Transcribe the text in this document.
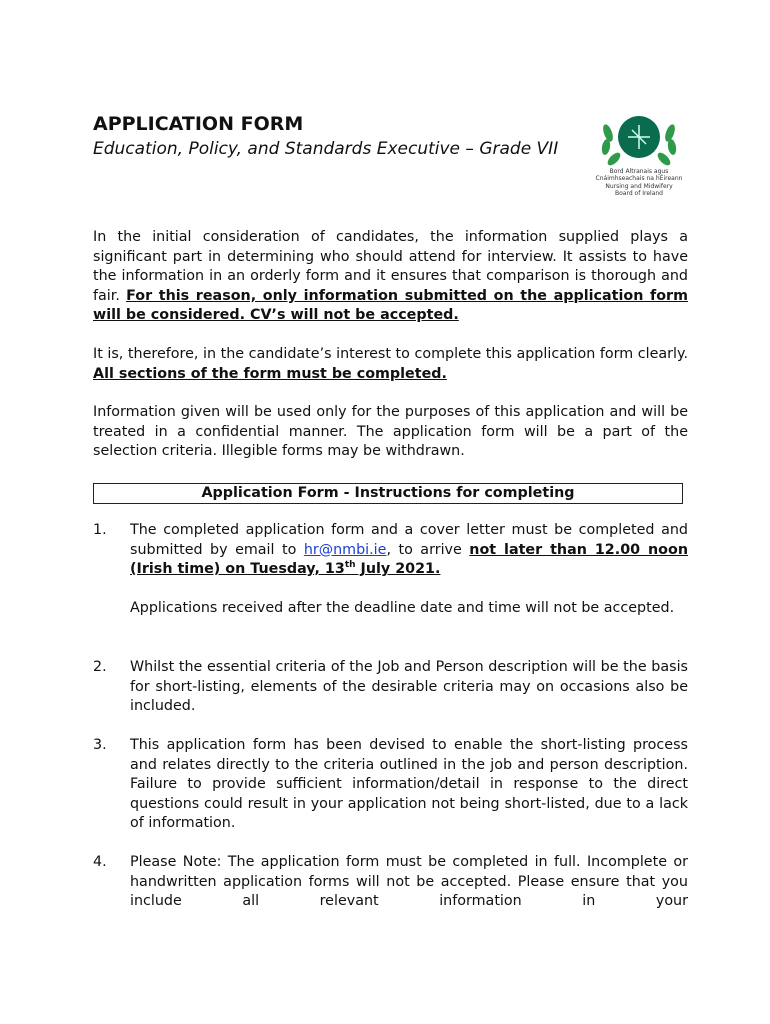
APPLICATION FORM

Education, Policy, and Standards Executive – Grade VII

Bord Altranais agus
Cnáimhseachais na hÉireann
Nursing and Midwifery
Board of Ireland

In the initial consideration of candidates, the information supplied plays a significant part in determining who should attend for interview. It assists to have the information in an orderly form and it ensures that comparison is thorough and fair. For this reason, only information submitted on the application form will be considered. CV’s will not be accepted.

It is, therefore, in the candidate’s interest to complete this application form clearly. All sections of the form must be completed.

Information given will be used only for the purposes of this application and will be treated in a confidential manner. The application form will be a part of the selection criteria. Illegible forms may be withdrawn.

Application Form - Instructions for completing
1. The completed application form and a cover letter must be completed and submitted by email to hr@nmbi.ie, to arrive not later than 12.00 noon (Irish time) on Tuesday, 13th July 2021.

Applications received after the deadline date and time will not be accepted.

2. Whilst the essential criteria of the Job and Person description will be the basis for short-listing, elements of the desirable criteria may on occasions also be included.

3. This application form has been devised to enable the short-listing process and relates directly to the criteria outlined in the job and person description. Failure to provide sufficient information/detail in response to the direct questions could result in your application not being short-listed, due to a lack of information.

4. Please Note: The application form must be completed in full. Incomplete or handwritten application forms will not be accepted. Please ensure that you include all relevant information in your
